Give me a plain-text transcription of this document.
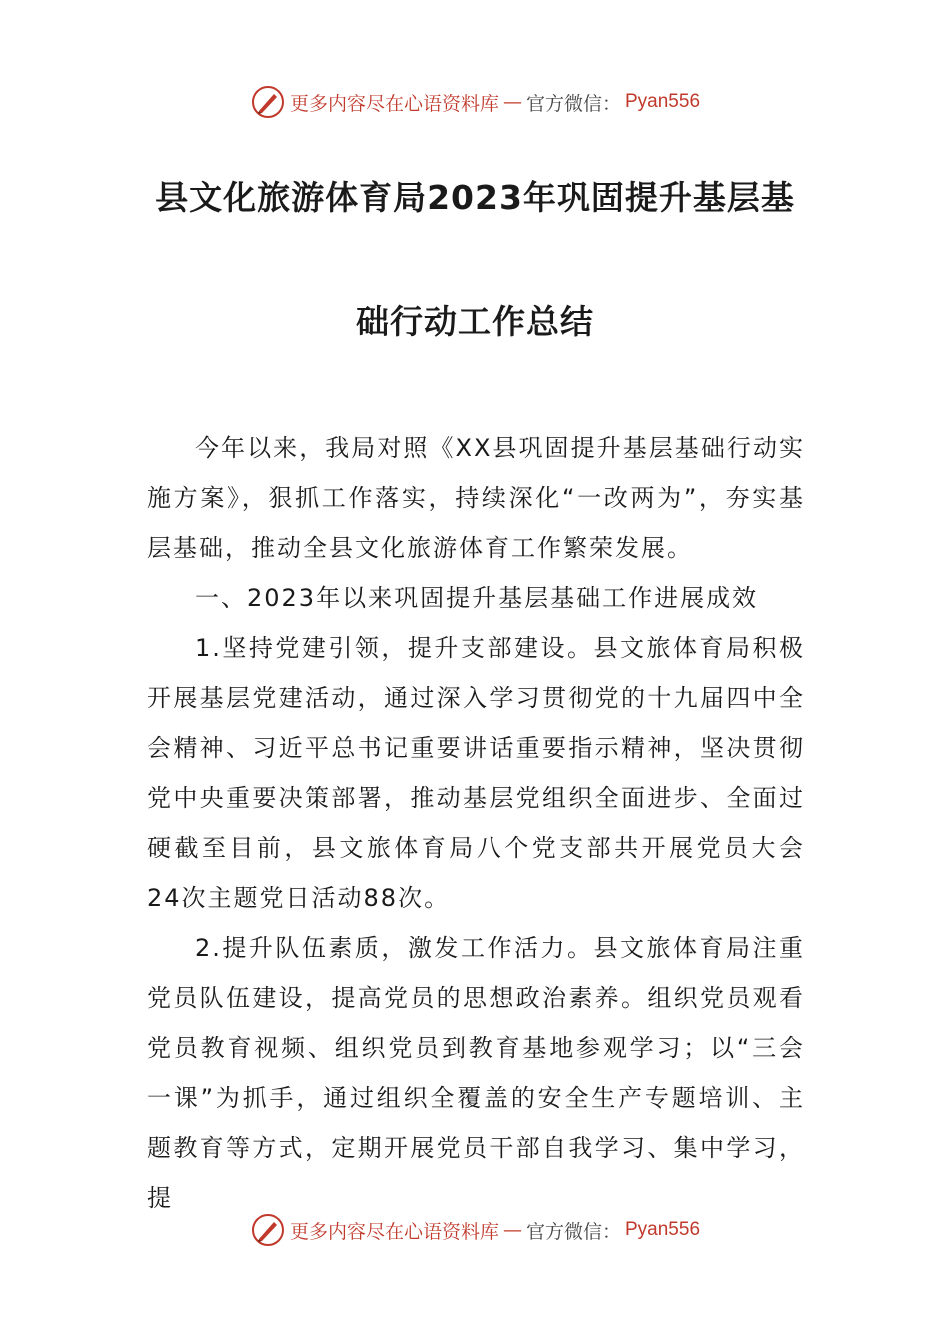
更多内容尽在心语资料库 — 官方微信： Pyan556
县文化旅游体育局2023年巩固提升基层基
础行动工作总结

今年以来，我局对照《XX县巩固提升基层基础行动实施方案》，狠抓工作落实，持续深化“一改两为”，夯实基层基础，推动全县文化旅游体育工作繁荣发展。

一、2023年以来巩固提升基层基础工作进展成效

1.坚持党建引领，提升支部建设。县文旅体育局积极开展基层党建活动，通过深入学习贯彻党的十九届四中全会精神、习近平总书记重要讲话重要指示精神，坚决贯彻党中央重要决策部署，推动基层党组织全面进步、全面过硬截至目前，县文旅体育局八个党支部共开展党员大会24次主题党日活动88次。

2.提升队伍素质，激发工作活力。县文旅体育局注重党员队伍建设，提高党员的思想政治素养。组织党员观看党员教育视频、组织党员到教育基地参观学习；以“三会一课”为抓手，通过组织全覆盖的安全生产专题培训、主题教育等方式，定期开展党员干部自我学习、集中学习，提

更多内容尽在心语资料库 — 官方微信： Pyan556
